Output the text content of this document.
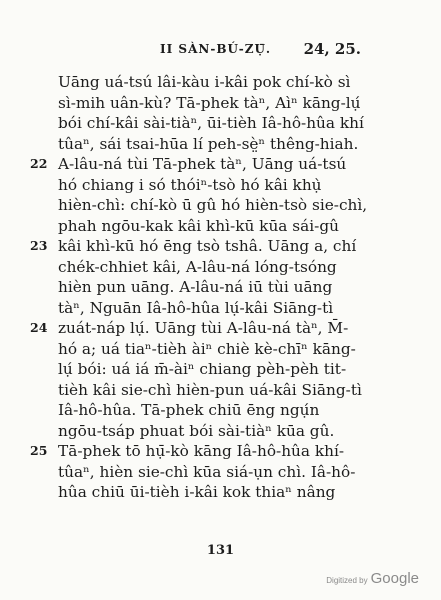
II SÀN-BÚ-ZỤ̄. 24, 25.
Uāng uá-tsú lâi-kàu i-kâi pok chí-kò sì
sì-mih uân-kù? Tā-phek tàⁿ, Aìⁿ kāng-lụ́
bói chí-kâi sài-tiàⁿ, ūi-tièh Iâ-hô-hûa khí
tûaⁿ, sái tsai-hūa lí peh-sè̤ⁿ thêng-hiah.
22 A-lâu-ná tùi Tā-phek tàⁿ, Uāng uá-tsú
hó chiang i só thóiⁿ-tsò hó kâi khụ̀
hièn-chì: chí-kò ū gû hó hièn-tsò sie-chì,
phah ngōu-kak kâi khì-kū kūa sái-gû
23 kâi khì-kū hó ēng tsò tshâ. Uāng a, chí
chék-chhiet kâi, A-lâu-ná lóng-tsóng
hièn pun uāng. A-lâu-ná iū tùi uāng
tàⁿ, Nguān Iâ-hô-hûa lụ́-kâi Siāng-tì
24 zuát-náp lụ́. Uāng tùi A-lâu-ná tàⁿ, M̄-
hó a; uá tiaⁿ-tièh àiⁿ chiè kè-chīⁿ kāng-
lụ́ bói: uá iá m̄-àiⁿ chiang pèh-pèh tit-
tièh kâi sie-chì hièn-pun uá-kâi Siāng-tì
Iâ-hô-hûa. Tā-phek chiū ēng ngụ́n
ngōu-tsáp phuat bói sài-tiàⁿ kūa gû.
25 Tā-phek tō hụ̄-kò kāng Iâ-hô-hûa khí-
tûaⁿ, hièn sie-chì kūa siá-ụn chì. Iâ-hô-
hûa chiū ūi-tièh i-kâi kok thiaⁿ nâng
131
Digitized by Google
